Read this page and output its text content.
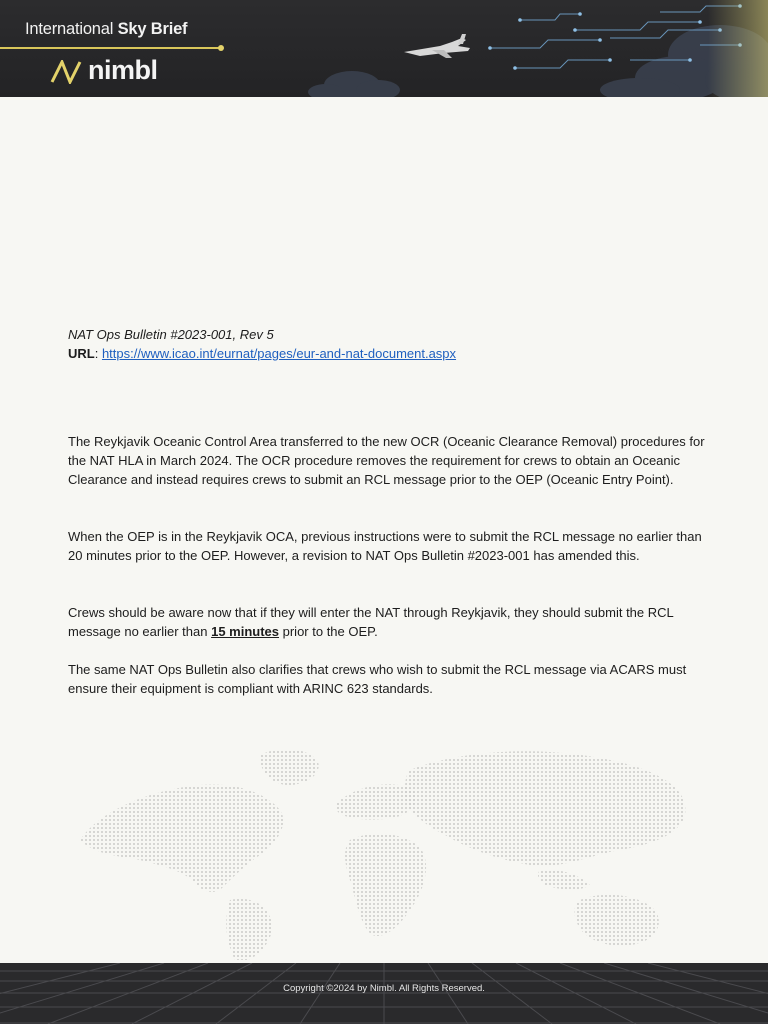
International Sky Brief
nimbl
NAT Ops Bulletin #2023-001, Rev 5
URL: https://www.icao.int/eurnat/pages/eur-and-nat-document.aspx

The Reykjavik Oceanic Control Area transferred to the new OCR (Oceanic Clearance Removal) procedures for the NAT HLA in March 2024. The OCR procedure removes the requirement for crews to obtain an Oceanic Clearance and instead requires crews to submit an RCL message prior to the OEP (Oceanic Entry Point).

When the OEP is in the Reykjavik OCA, previous instructions were to submit the RCL message no earlier than 20 minutes prior to the OEP. However, a revision to NAT Ops Bulletin #2023-001 has amended this.

Crews should be aware now that if they will enter the NAT through Reykjavik, they should submit the RCL message no earlier than 15 minutes prior to the OEP.

The same NAT Ops Bulletin also clarifies that crews who wish to submit the RCL message via ACARS must ensure their equipment is compliant with ARINC 623 standards.

Copyright ©2024 by Nimbl. All Rights Reserved.
